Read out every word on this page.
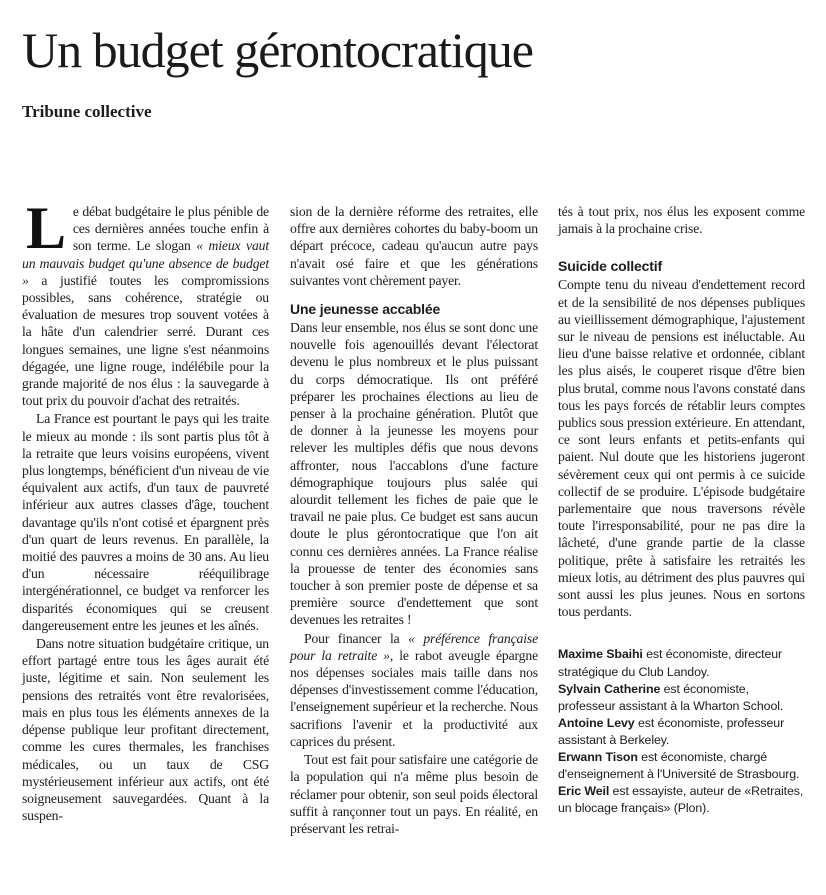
Un budget gérontocratique
Tribune collective

Le débat budgétaire le plus pénible de ces dernières années touche enfin à son terme. Le slogan « mieux vaut un mauvais budget qu'une absence de budget » a justifié toutes les compromissions possibles, sans cohérence, stratégie ou évaluation de mesures trop souvent votées à la hâte d'un calendrier serré. Durant ces longues semaines, une ligne s'est néanmoins dégagée, une ligne rouge, indélébile pour la grande majorité de nos élus : la sauvegarde à tout prix du pouvoir d'achat des retraités.

La France est pourtant le pays qui les traite le mieux au monde : ils sont partis plus tôt à la retraite que leurs voisins européens, vivent plus longtemps, bénéficient d'un niveau de vie équivalent aux actifs, d'un taux de pauvreté inférieur aux autres classes d'âge, touchent davantage qu'ils n'ont cotisé et épargnent près d'un quart de leurs revenus. En parallèle, la moitié des pauvres a moins de 30 ans. Au lieu d'un nécessaire rééquilibrage intergénérationnel, ce budget va renforcer les disparités économiques qui se creusent dangereusement entre les jeunes et les aînés.

Dans notre situation budgétaire critique, un effort partagé entre tous les âges aurait été juste, légitime et sain. Non seulement les pensions des retraités vont être revalorisées, mais en plus tous les éléments annexes de la dépense publique leur profitant directement, comme les cures thermales, les franchises médicales, ou un taux de CSG mystérieusement inférieur aux actifs, ont été soigneusement sauvegardées. Quant à la suspen-

sion de la dernière réforme des retraites, elle offre aux dernières cohortes du baby-boom un départ précoce, cadeau qu'aucun autre pays n'avait osé faire et que les générations suivantes vont chèrement payer.

Une jeunesse accablée

Dans leur ensemble, nos élus se sont donc une nouvelle fois agenouillés devant l'électorat devenu le plus nombreux et le plus puissant du corps démocratique. Ils ont préféré préparer les prochaines élections au lieu de penser à la prochaine génération. Plutôt que de donner à la jeunesse les moyens pour relever les multiples défis que nous devons affronter, nous l'accablons d'une facture démographique toujours plus salée qui alourdit tellement les fiches de paie que le travail ne paie plus. Ce budget est sans aucun doute le plus gérontocratique que l'on ait connu ces dernières années. La France réalise la prouesse de tenter des économies sans toucher à son premier poste de dépense et sa première source d'endettement que sont devenues les retraites !

Pour financer la « préférence française pour la retraite », le rabot aveugle épargne nos dépenses sociales mais taille dans nos dépenses d'investissement comme l'éducation, l'enseignement supérieur et la recherche. Nous sacrifions l'avenir et la productivité aux caprices du présent.

Tout est fait pour satisfaire une catégorie de la population qui n'a même plus besoin de réclamer pour obtenir, son seul poids électoral suffit à rançonner tout un pays. En réalité, en préservant les retrai-

tés à tout prix, nos élus les exposent comme jamais à la prochaine crise.

Suicide collectif

Compte tenu du niveau d'endettement record et de la sensibilité de nos dépenses publiques au vieillissement démographique, l'ajustement sur le niveau de pensions est inéluctable. Au lieu d'une baisse relative et ordonnée, ciblant les plus aisés, le couperet risque d'être bien plus brutal, comme nous l'avons constaté dans tous les pays forcés de rétablir leurs comptes publics sous pression extérieure. En attendant, ce sont leurs enfants et petits-enfants qui paient. Nul doute que les historiens jugeront sévèrement ceux qui ont permis à ce suicide collectif de se produire. L'épisode budgétaire parlementaire que nous traversons révèle toute l'irresponsabilité, pour ne pas dire la lâcheté, d'une grande partie de la classe politique, prête à satisfaire les retraités les mieux lotis, au détriment des plus pauvres qui sont aussi les plus jeunes. Nous en sortons tous perdants.

Maxime Sbaihi est économiste, directeur stratégique du Club Landoy.

Sylvain Catherine est économiste, professeur assistant à la Wharton School.

Antoine Levy est économiste, professeur assistant à Berkeley.

Erwann Tison est économiste, chargé d'enseignement à l'Université de Strasbourg.

Eric Weil est essayiste, auteur de «Retraites, un blocage français» (Plon).
